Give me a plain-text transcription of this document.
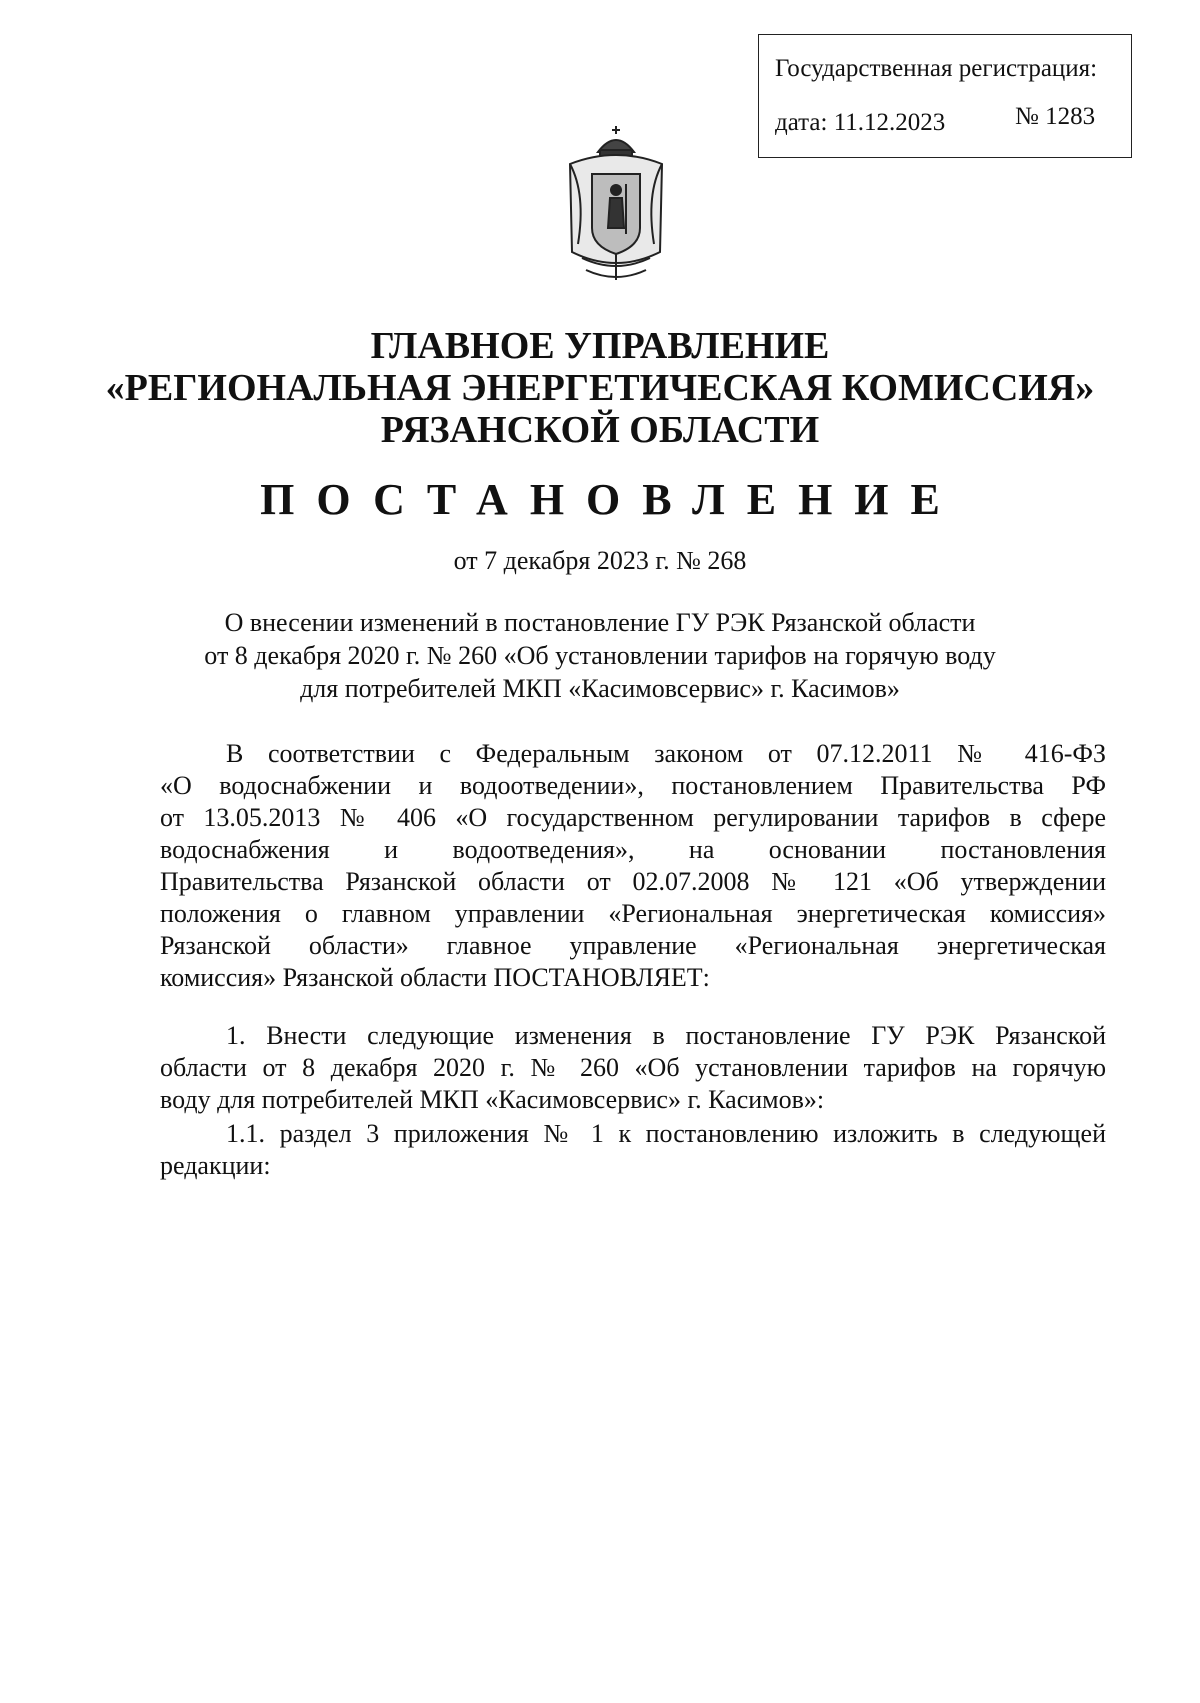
Государственная регистрация:
дата: 11.12.2023	№ 1283
ГЛАВНОЕ УПРАВЛЕНИЕ
«РЕГИОНАЛЬНАЯ ЭНЕРГЕТИЧЕСКАЯ КОМИССИЯ»
РЯЗАНСКОЙ ОБЛАСТИ
ПОСТАНОВЛЕНИЕ
от 7 декабря 2023 г. № 268
О внесении изменений в постановление ГУ РЭК Рязанской области
от 8 декабря 2020 г. № 260 «Об установлении тарифов на горячую воду
для потребителей МКП «Касимовсервис» г. Касимов»
В соответствии с Федеральным законом от 07.12.2011 № 416-ФЗ
«О водоснабжении и водоотведении», постановлением Правительства РФ
от 13.05.2013 № 406 «О государственном регулировании тарифов в сфере
водоснабжения и водоотведения», на основании постановления
Правительства Рязанской области от 02.07.2008 № 121 «Об утверждении
положения о главном управлении «Региональная энергетическая комиссия»
Рязанской области» главное управление «Региональная энергетическая
комиссия» Рязанской области ПОСТАНОВЛЯЕТ:
1. Внести следующие изменения в постановление ГУ РЭК Рязанской
области от 8 декабря 2020 г. № 260 «Об установлении тарифов на горячую
воду для потребителей МКП «Касимовсервис» г. Касимов»:
1.1. раздел 3 приложения № 1 к постановлению изложить в следующей
редакции:
